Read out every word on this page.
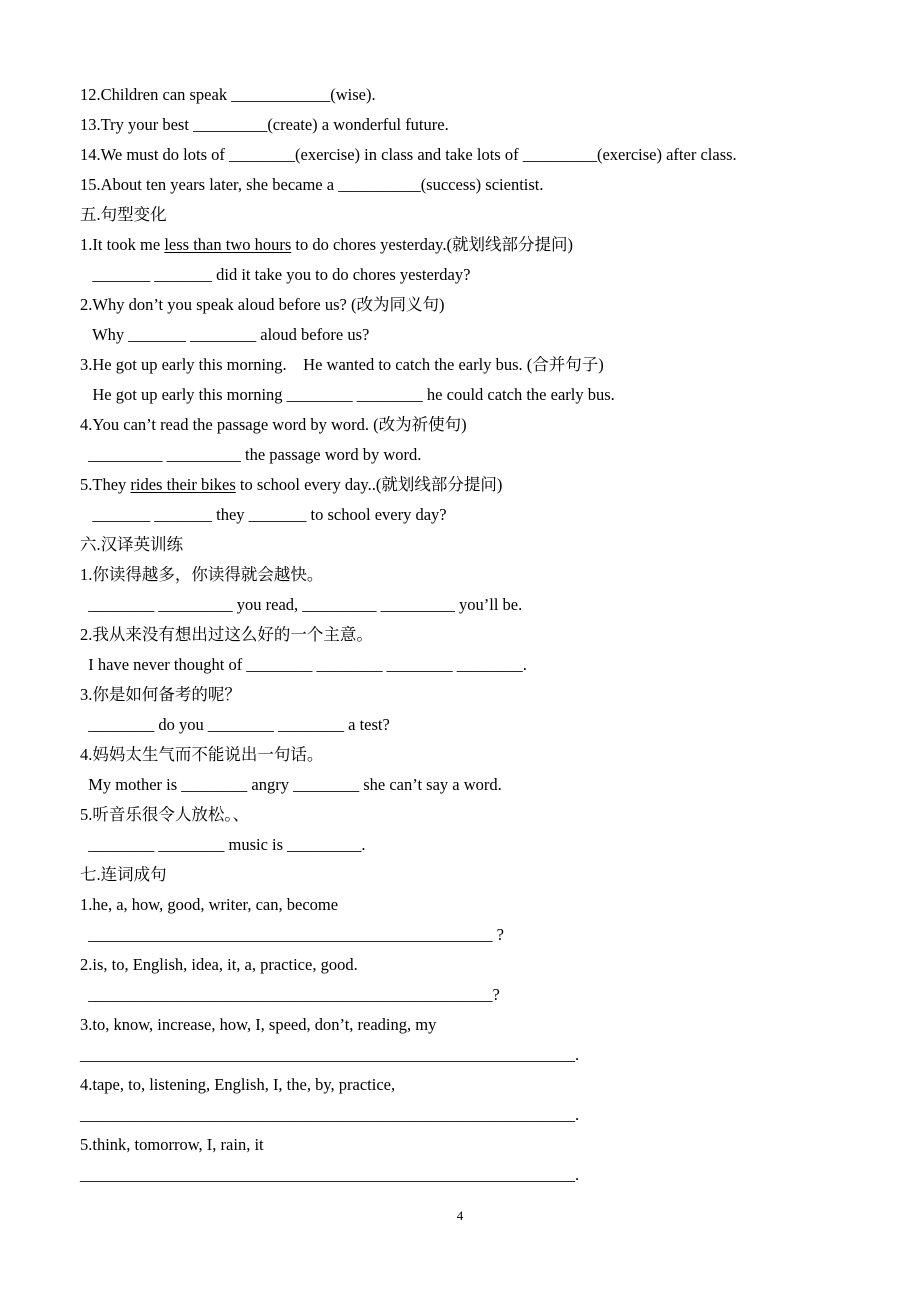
12.Children can speak ____________(wise).
13.Try your best _________(create) a wonderful future.
14.We must do lots of ________(exercise) in class and take lots of _________(exercise) after class.
15.About ten years later, she became a __________(success) scientist.
五.句型变化
1.It took me less than two hours to do chores yesterday.(就划线部分提问)
_______ _______ did it take you to do chores yesterday?
2.Why don’t you speak aloud before us? (改为同义句)
Why _______ ________ aloud before us?
3.He got up early this morning.    He wanted to catch the early bus. (合并句子)
He got up early this morning ________ ________ he could catch the early bus.
4.You can’t read the passage word by word. (改为祈使句)
_________ _________ the passage word by word.
5.They rides their bikes to school every day..(就划线部分提问)
_______ _______ they _______ to school every day?
六.汉译英训练
1.你读得越多，你读得就会越快。
________ _________ you read, _________ _________ you’ll be.
2.我从来没有想出过这么好的一个主意。
I have never thought of ________ ________ ________ ________.
3.你是如何备考的呢？
________ do you ________ ________ a test?
4.妈妈太生气而不能说出一句话。
My mother is ________ angry ________ she can’t say a word.
5.听音乐很令人放松。、
________ ________ music is _________.
七.连词成句
1.he, a, how, good, writer, can, become
_________________________________________________ ?
2.is, to, English, idea, it, a, practice, good.
_________________________________________________?
3.to, know, increase, how, I, speed, don’t, reading, my
____________________________________________________________.
4.tape, to, listening, English, I, the, by, practice,
____________________________________________________________.
5.think, tomorrow, I, rain, it
____________________________________________________________.
4
